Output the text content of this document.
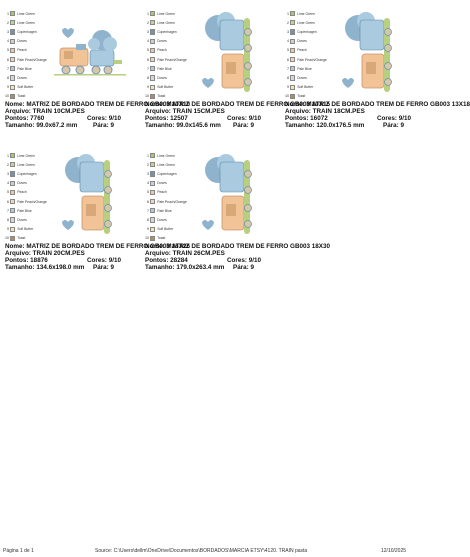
1 Lime Green
2 Lime Green
3 Copenhagen
4 Doves
5 Peach
6 Pale Peach/Orange
7 Pale Blue
8 Doves
9 Soft Butter
10 Toast
1 Lime Green
2 Lime Green
3 Copenhagen
4 Doves
5 Peach
6 Pale Peach/Orange
7 Pale Blue
8 Doves
9 Soft Butter
10 Toast
1 Lime Green
2 Lime Green
3 Copenhagen
4 Doves
5 Peach
6 Pale Peach/Orange
7 Pale Blue
8 Doves
9 Soft Butter
10 Toast
1 Lime Green
2 Lime Green
3 Copenhagen
4 Doves
5 Peach
6 Pale Peach/Orange
7 Pale Blue
8 Doves
9 Soft Butter
10 Toast
1 Lime Green
2 Lime Green
3 Copenhagen
4 Doves
5 Peach
6 Pale Peach/Orange
7 Pale Blue
8 Doves
9 Soft Butter
10 Toast
Nome: MATRIZ DE BORDADO TREM DE FERRO GB003 10X10
Arquivo: TRAIN 10CM.PES
Pontos: 7760	Cores: 9/10
Tamanho: 99.0x67.2 mm Pára: 9
Nome: MATRIZ DE BORDADO TREM DE FERRO GB003 10X15
Arquivo: TRAIN 15CM.PES
Pontos: 12507	Cores: 9/10
Tamanho: 99.0x145.6 mm Pára: 9
Nome: MATRIZ DE BORDADO TREM DE FERRO GB003 13X18
Arquivo: TRAIN 18CM.PES
Pontos: 16072	Cores: 9/10
Tamanho: 120.0x176.5 mm	Pára: 9
Nome: MATRIZ DE BORDADO TREM DE FERRO GB003 16X26
Arquivo: TRAIN 20CM.PES
Pontos: 18876	Cores: 9/10
Tamanho: 134.6x198.0 mm Pára: 9
Nome: MATRIZ DE BORDADO TREM DE FERRO GB003 18X30
Arquivo: TRAIN 26CM.PES
Pontos: 28284	Cores: 9/10
Tamanho: 179.0x263.4 mm Pára: 9
Página 1 de 1	Source: C:\Users\dellm\OneDrive\Documentos\BORDADOS\MARCIA ETSY\4120. TRAIN pasta	12/10/2025
